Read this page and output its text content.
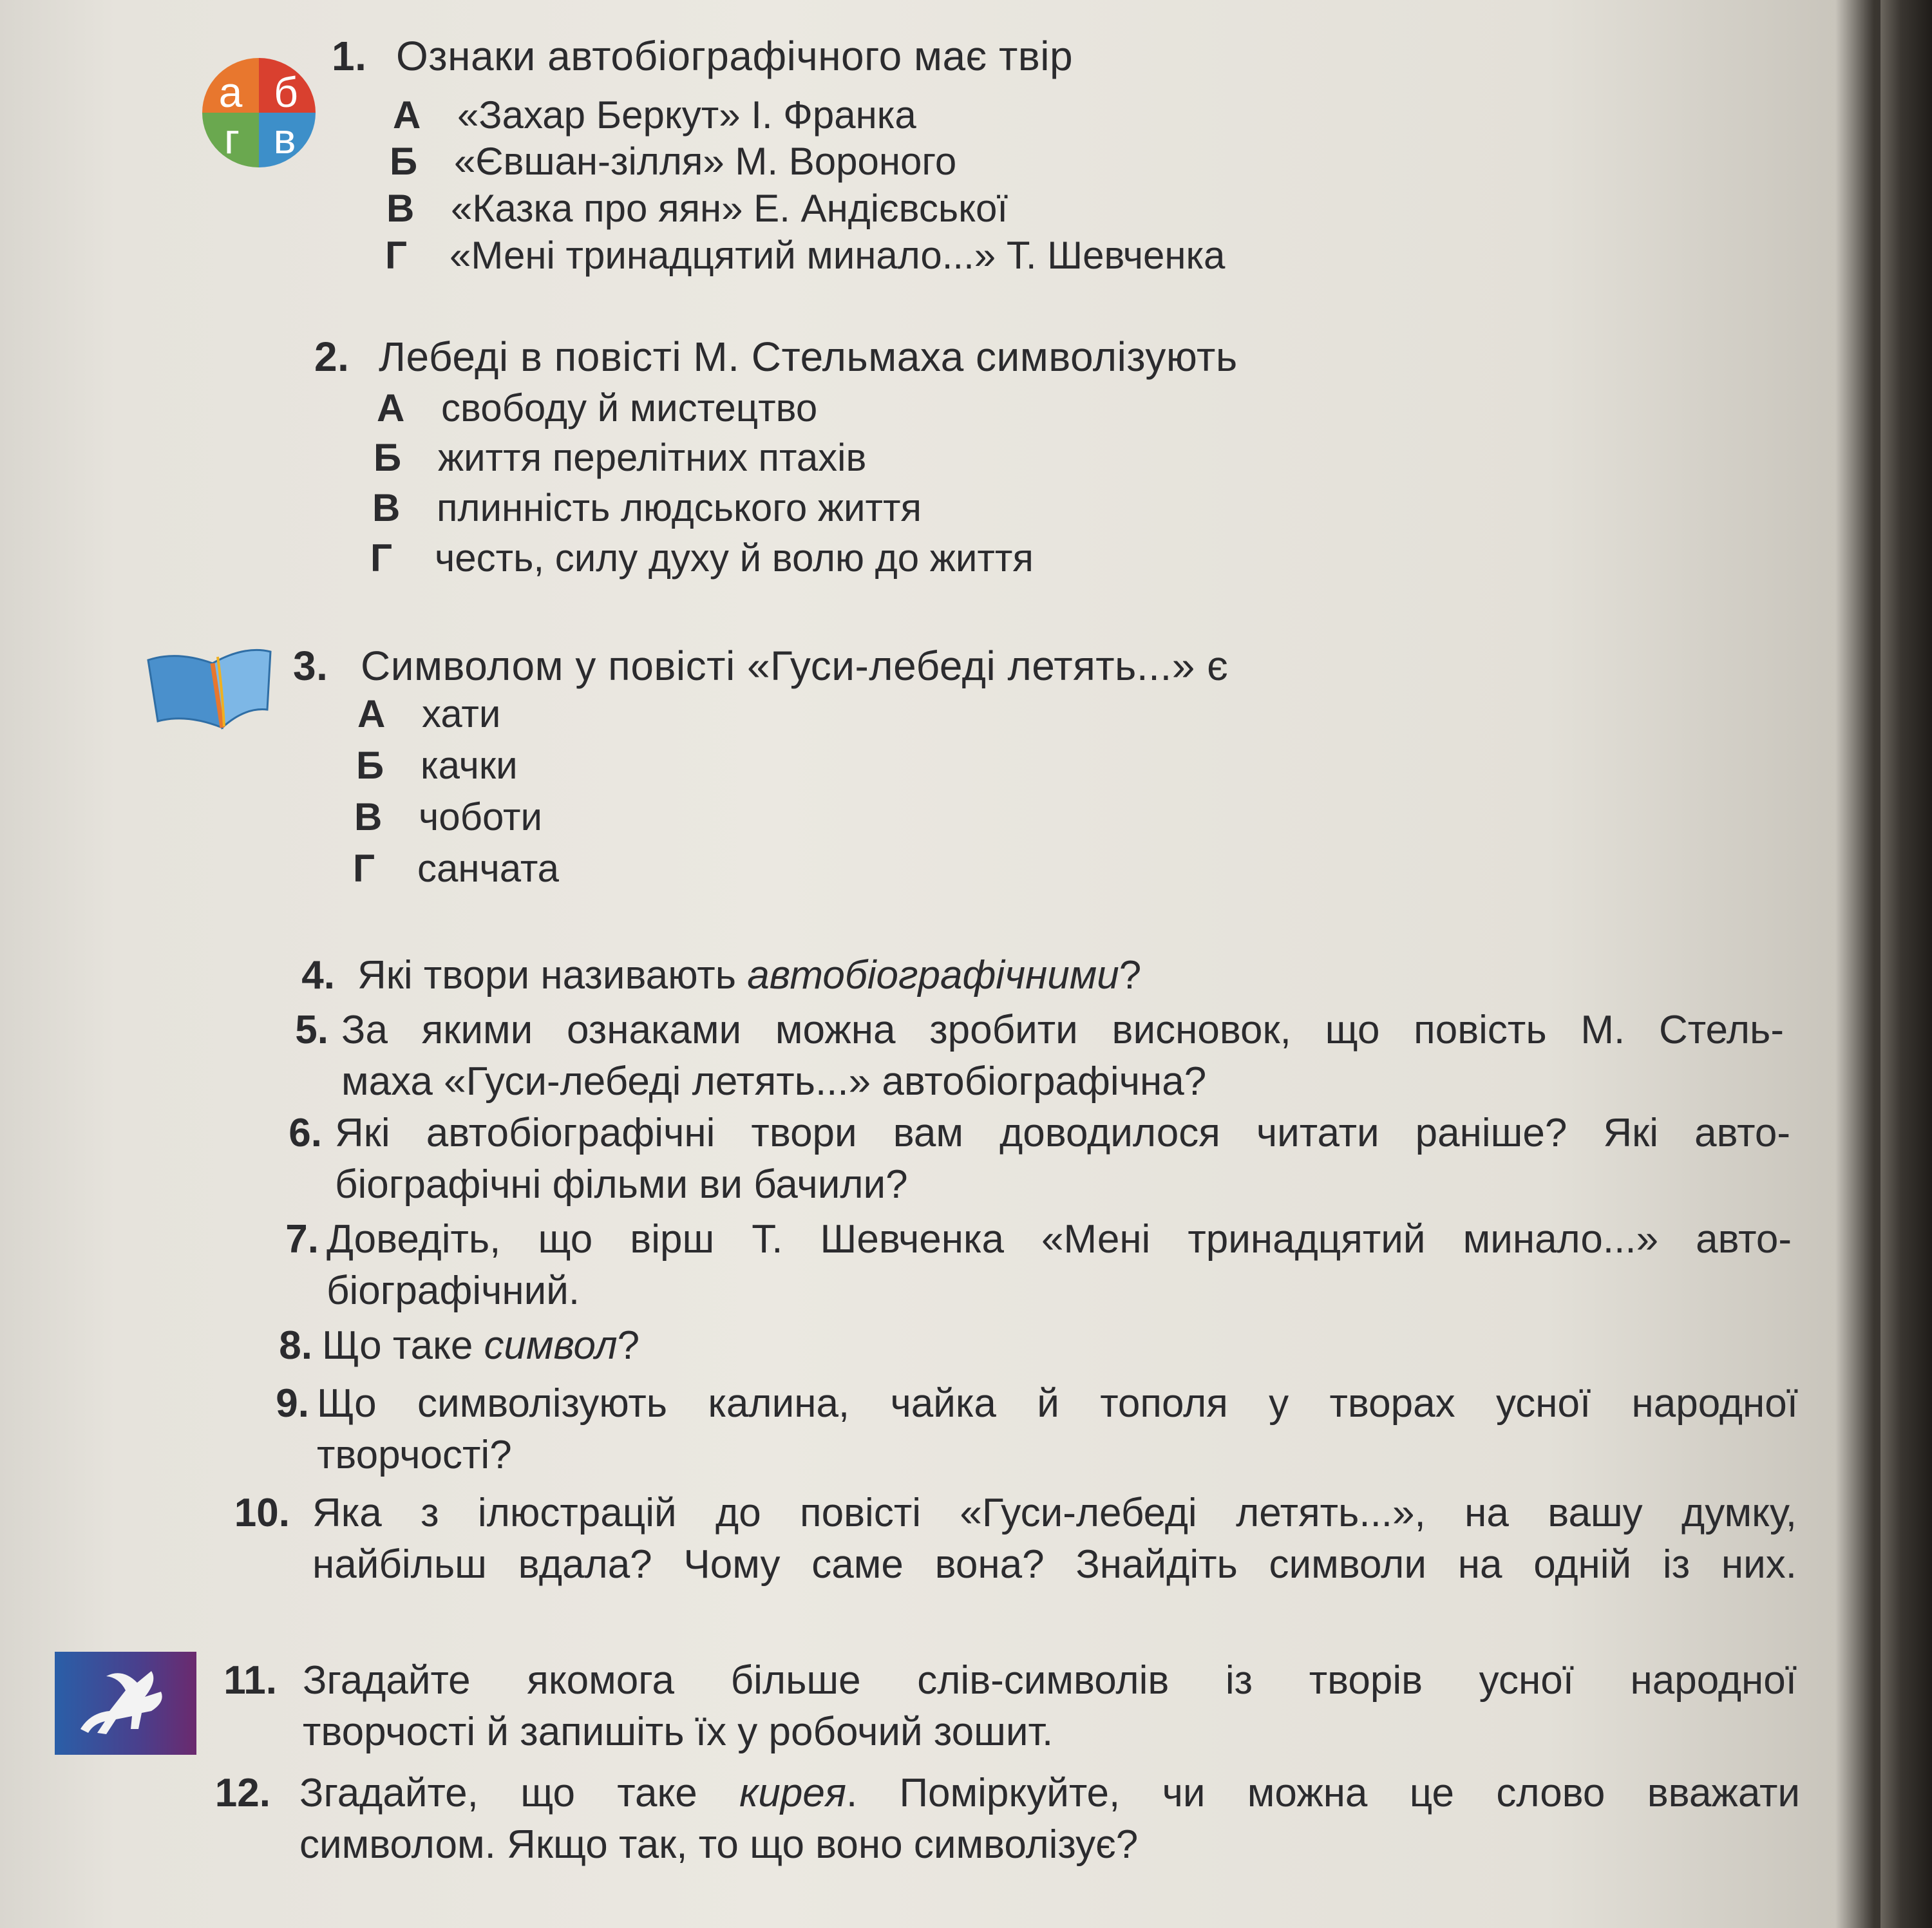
а б
г в
1. Ознаки автобіографічного має твір
А «Захар Беркут» І. Франка
Б «Євшан-зілля» М. Вороного
В «Казка про яян» Е. Андієвської
Г «Мені тринадцятий минало...» Т. Шевченка
2. Лебеді в повісті М. Стельмаха символізують
А свободу й мистецтво
Б життя перелітних птахів
В плинність людського життя
Г честь, силу духу й волю до життя
3. Символом у повісті «Гуси-лебеді летять...» є
А хати
Б качки
В чоботи
Г санчата
4. Які твори називають автобіографічними?
5. За якими ознаками можна зробити висновок, що повість М. Стель-
маха «Гуси-лебеді летять...» автобіографічна?
6. Які автобіографічні твори вам доводилося читати раніше? Які авто-
біографічні фільми ви бачили?
7. Доведіть, що вірш Т. Шевченка «Мені тринадцятий минало...» авто-
біографічний.
8. Що таке символ?
9. Що символізують калина, чайка й тополя у творах усної народної
творчості?
10. Яка з ілюстрацій до повісті «Гуси-лебеді летять...», на вашу думку,
найбільш вдала? Чому саме вона? Знайдіть символи на одній із них.
11. Згадайте якомога більше слів-символів із творів усної народної
творчості й запишіть їх у робочий зошит.
12. Згадайте, що таке кирея. Поміркуйте, чи можна це слово вважати
символом. Якщо так, то що воно символізує?
